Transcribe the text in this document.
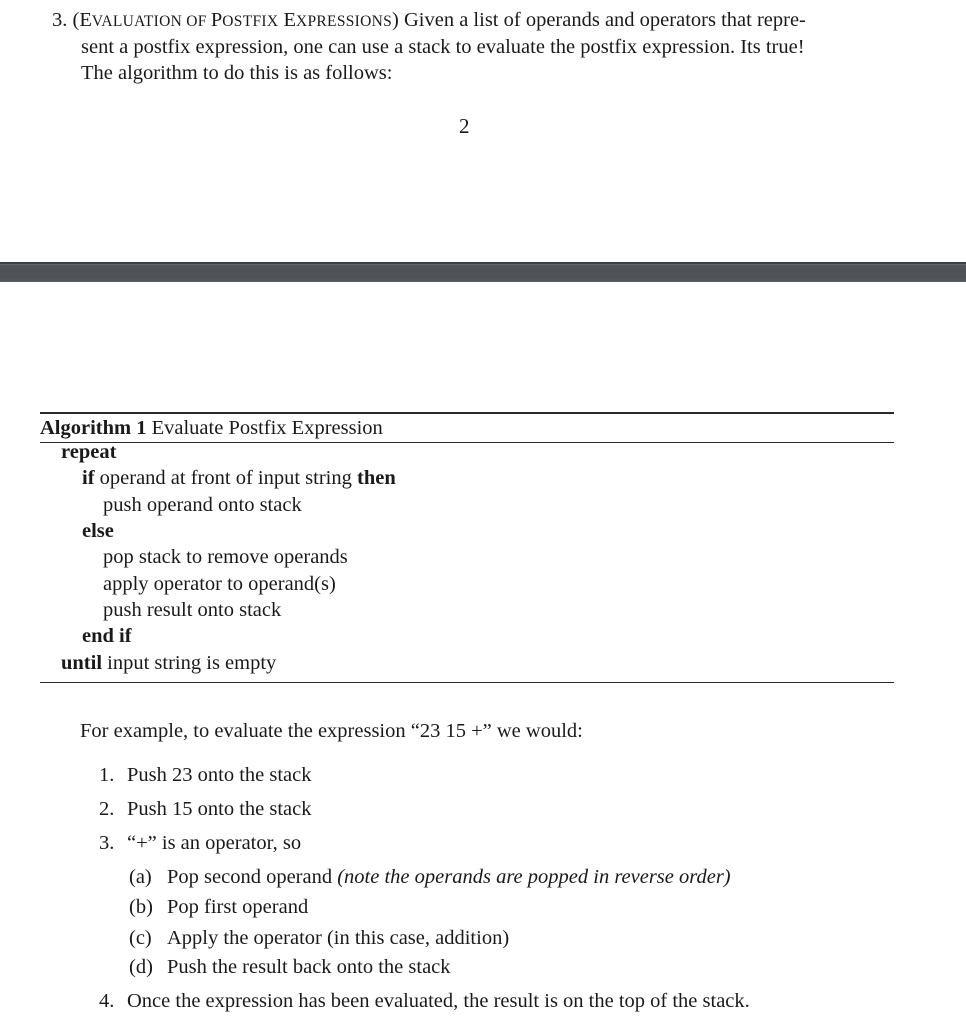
3. (EVALUATION OF POSTFIX EXPRESSIONS) Given a list of operands and operators that repre-
sent a postfix expression, one can use a stack to evaluate the postfix expression. Its true!
The algorithm to do this is as follows:
2
Algorithm 1 Evaluate Postfix Expression
repeat
if operand at front of input string then
push operand onto stack
else
pop stack to remove operands
apply operator to operand(s)
push result onto stack
end if
until input string is empty
For example, to evaluate the expression “23 15 +” we would:
1. Push 23 onto the stack
2. Push 15 onto the stack
3. “+” is an operator, so
(a) Pop second operand (note the operands are popped in reverse order)
(b) Pop first operand
(c) Apply the operator (in this case, addition)
(d) Push the result back onto the stack
4. Once the expression has been evaluated, the result is on the top of the stack.
